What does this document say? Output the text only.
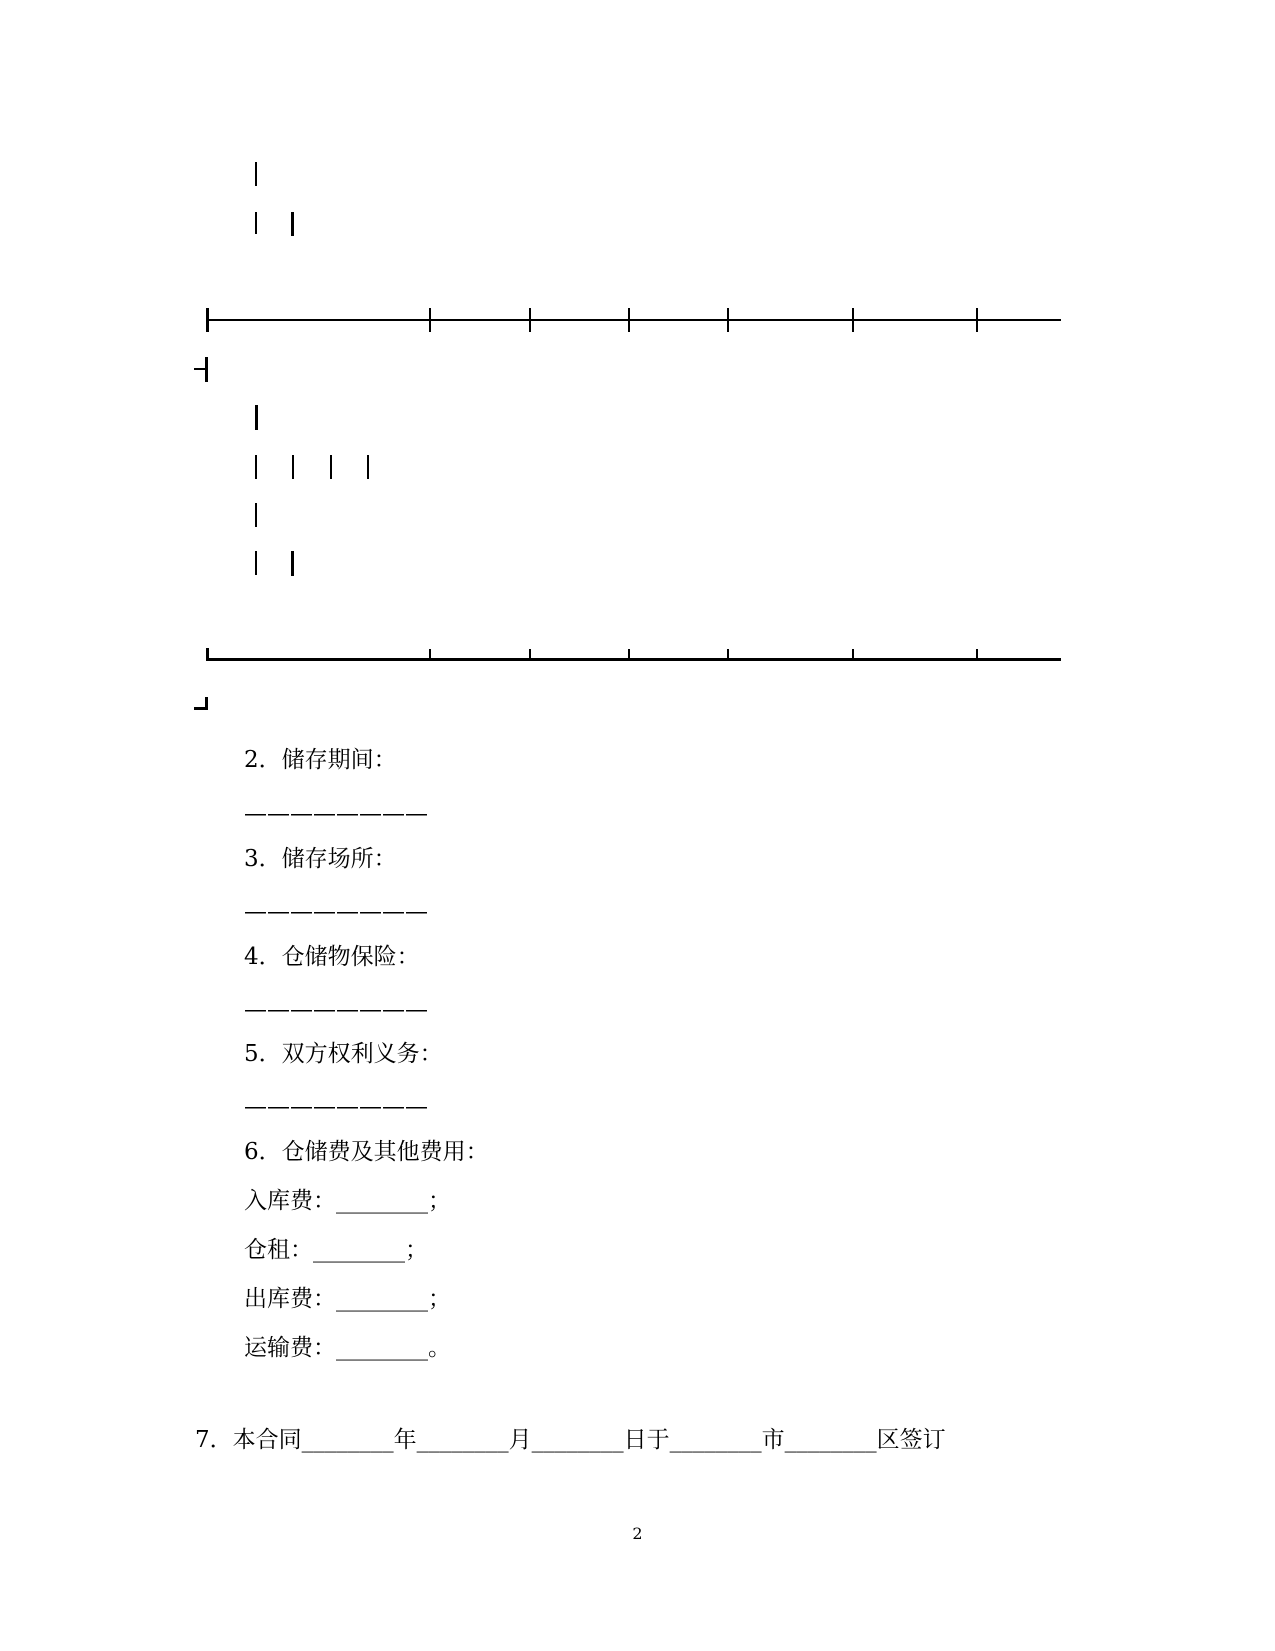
2．储存期间：
————————
3．储存场所：
————————
4．仓储物保险：
————————
5．双方权利义务：
————————
6．仓储费及其他费用：
入库费：________；
仓租：________；
出库费：________；
运输费：________。
7．本合同________年________月________日于________市________区签订
2
